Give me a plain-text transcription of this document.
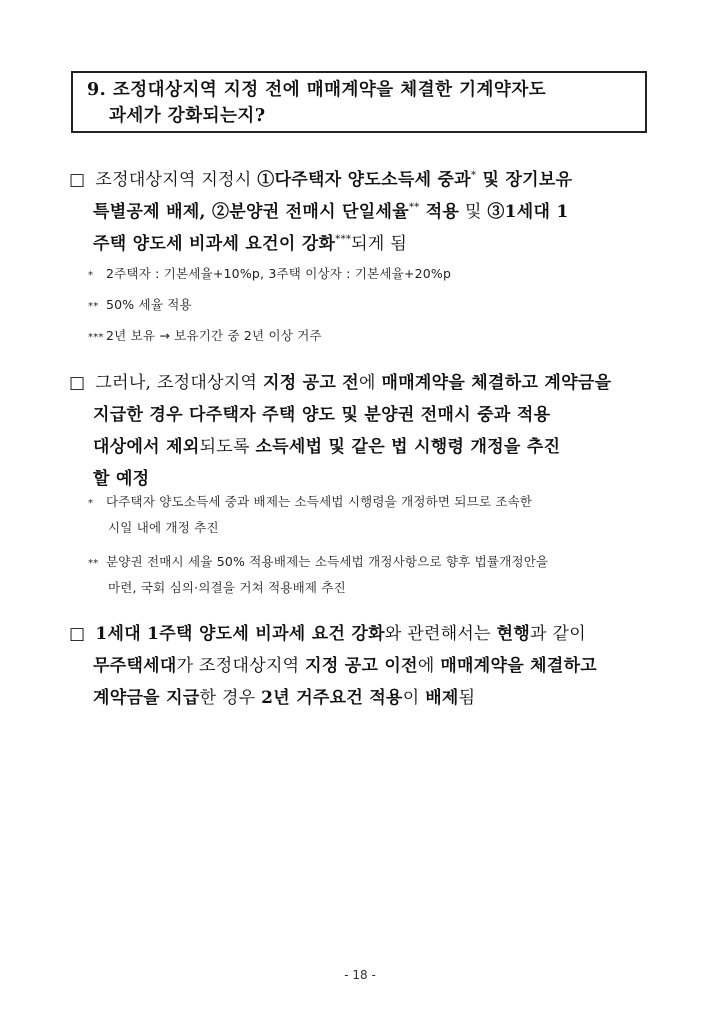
9. 조정대상지역 지정 전에 매매계약을 체결한 기계약자도
과세가 강화되는지?
□ 조정대상지역 지정시 ①다주택자 양도소득세 중과* 및 장기보유
특별공제 배제, ②분양권 전매시 단일세율** 적용 및 ③1세대 1
주택 양도세 비과세 요건이 강화***되게 됨
* 2주택자 : 기본세율+10%p, 3주택 이상자 : 기본세율+20%p
** 50% 세율 적용
*** 2년 보유 → 보유기간 중 2년 이상 거주
□ 그러나, 조정대상지역 지정 공고 전에 매매계약을 체결하고 계약금을
지급한 경우 다주택자 주택 양도 및 분양권 전매시 중과 적용
대상에서 제외되도록 소득세법 및 같은 법 시행령 개정을 추진
할 예정
* 다주택자 양도소득세 중과 배제는 소득세법 시행령을 개정하면 되므로 조속한
시일 내에 개정 추진
** 분양권 전매시 세율 50% 적용배제는 소득세법 개정사항으로 향후 법률개정안을
마련, 국회 심의·의결을 거쳐 적용배제 추진
□ 1세대 1주택 양도세 비과세 요건 강화와 관련해서는 현행과 같이
무주택세대가 조정대상지역 지정 공고 이전에 매매계약을 체결하고
계약금을 지급한 경우 2년 거주요건 적용이 배제됨
- 18 -
